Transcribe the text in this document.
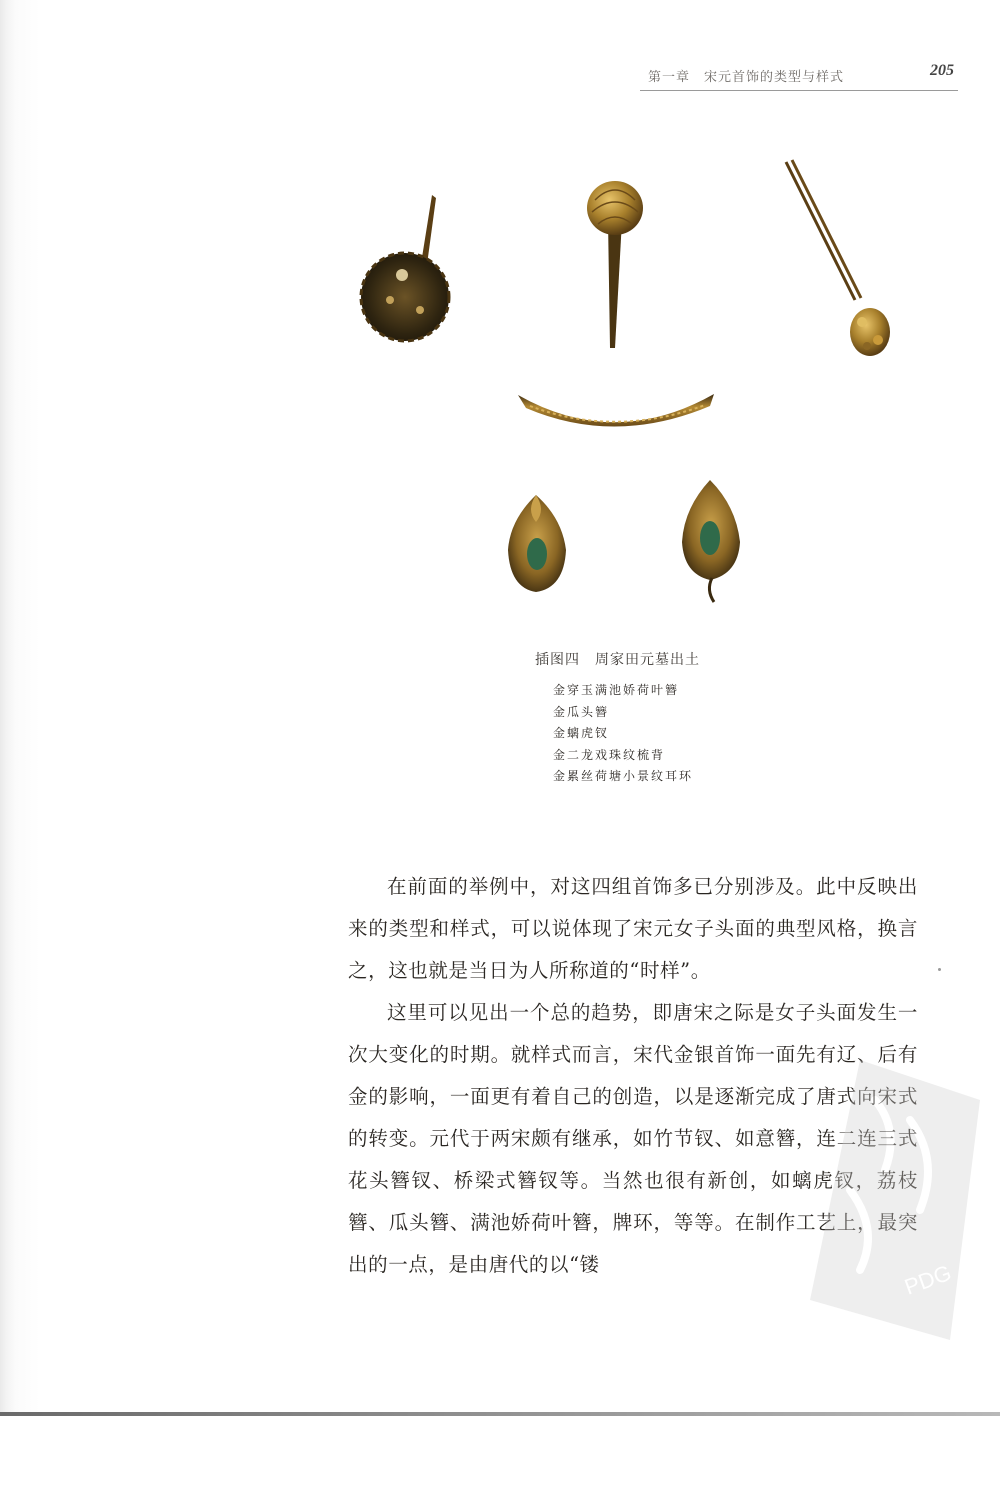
第一章　宋元首饰的类型与样式	205
插图四　周家田元墓出土
金穿玉满池娇荷叶簪
金瓜头簪
金螭虎钗
金二龙戏珠纹梳背
金累丝荷塘小景纹耳环

在前面的举例中，对这四组首饰多已分别涉及。此中反映出来的类型和样式，可以说体现了宋元女子头面的典型风格，换言之，这也就是当日为人所称道的“时样”。

这里可以见出一个总的趋势，即唐宋之际是女子头面发生一次大变化的时期。就样式而言，宋代金银首饰一面先有辽、后有金的影响，一面更有着自己的创造，以是逐渐完成了唐式向宋式的转变。元代于两宋颇有继承，如竹节钗、如意簪，连二连三式花头簪钗、桥梁式簪钗等。当然也很有新创，如螭虎钗，荔枝簪、瓜头簪、满池娇荷叶簪，牌环，等等。在制作工艺上，最突出的一点，是由唐代的以“镂	PDG
